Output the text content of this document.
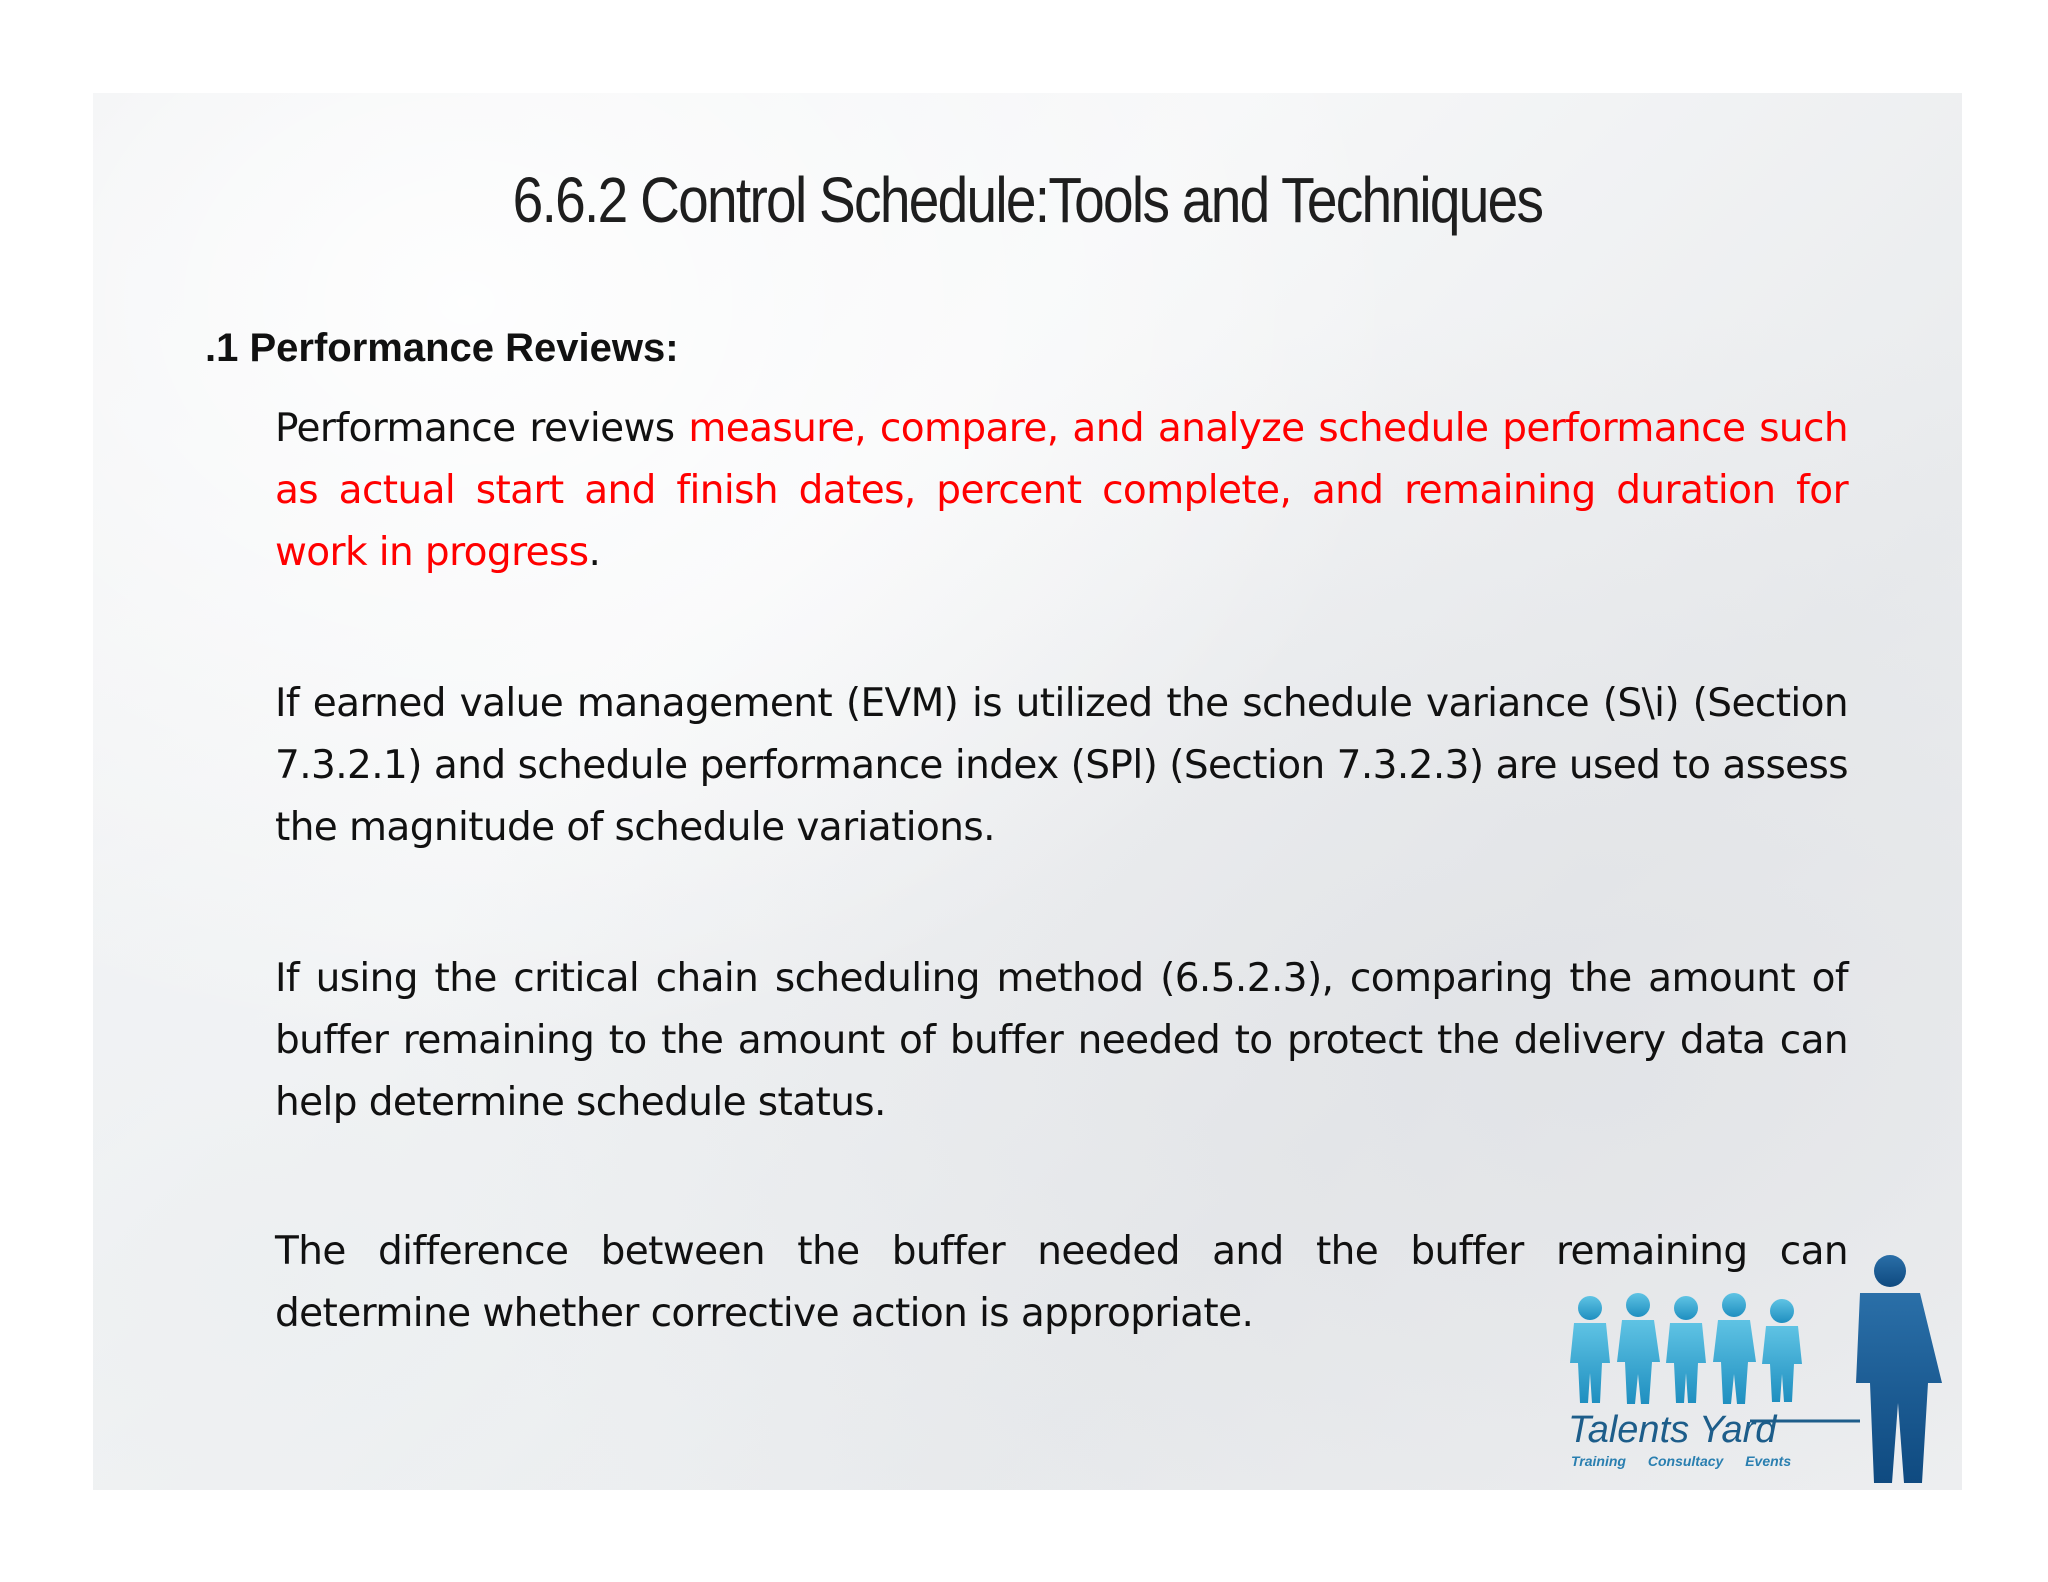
6.6.2 Control Schedule:Tools and Techniques
.1 Performance Reviews:
Performance reviews measure, compare, and analyze schedule performance such as actual start and finish dates, percent complete, and remaining duration for work in progress.
If earned value management (EVM) is utilized the schedule variance (S\i) (Section 7.3.2.1) and schedule performance index (SPl) (Section 7.3.2.3) are used to assess the magnitude of schedule variations.
If using the critical chain scheduling method (6.5.2.3), comparing the amount of buffer remaining to the amount of buffer needed to protect the delivery data can help determine schedule status.
The difference between the buffer needed and the buffer remaining can determine whether corrective action is appropriate.
Talents Yard
Training Consultacy Events
